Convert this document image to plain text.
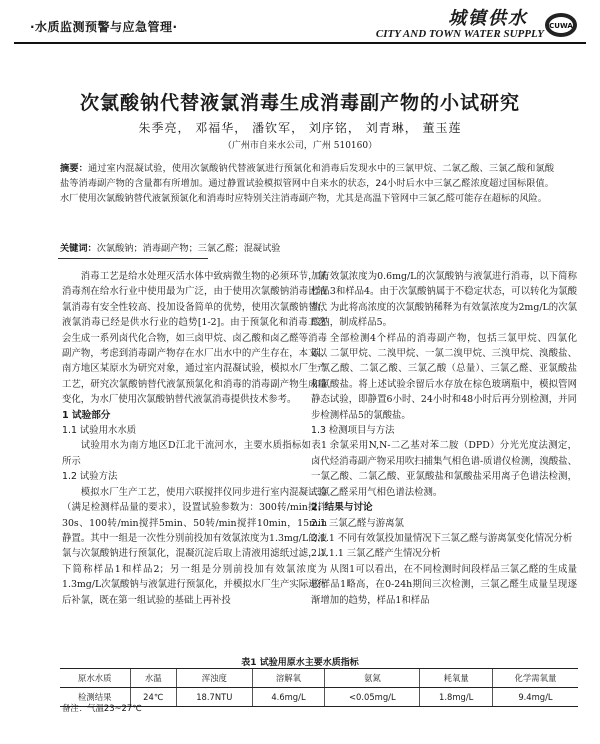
·水质监测预警与应急管理·	城镇供水
CITY AND TOWN WATER SUPPLY
CUWA
次氯酸钠代替液氯消毒生成消毒副产物的小试研究
朱季亮， 邓福华， 潘钦军， 刘序铭， 刘青琳， 董玉莲
（广州市自来水公司，广州 510160）
摘要：通过室内混凝试验，使用次氯酸钠代替液氯进行预氯化和消毒后发现水中的三氯甲烷、二氯乙酸、三氯乙酸和氯酸盐等消毒副产物的含量都有所增加。通过静置试验模拟管网中自来水的状态，24小时后水中三氯乙醛浓度超过国标限值。水厂使用次氯酸钠替代液氯预氯化和消毒时应特别关注消毒副产物，尤其是高温下管网中三氯乙醛可能存在超标的风险。
关键词：次氯酸钠；消毒副产物；三氯乙醛；混凝试验

消毒工艺是给水处理灭活水体中致病微生物的必须环节，氯消毒剂在给水行业中使用最为广泛，由于使用次氯酸钠消毒比液氯消毒有安全性较高、投加设备简单的优势，使用次氯酸钠替代液氯消毒已经是供水行业的趋势[1-2]。由于预氯化和消毒工艺会生成一系列卤代化合物，如三卤甲烷、卤乙酸和卤乙醛等消毒副产物，考虑到消毒副产物存在水厂出水中的产生存在，本文以南方地区某原水为研究对象，通过室内混凝试验，模拟水厂生产工艺，研究次氯酸钠替代液氯预氯化和消毒的消毒副产物生成量变化，为水厂使用次氯酸钠替代液氯消毒提供技术参考。

1 试验部分

1.1 试验用水水质

试验用水为南方地区D江北干流河水，主要水质指标如表1所示

1.2 试验方法

模拟水厂生产工艺，使用六联搅拌仪同步进行室内混凝试验（满足检测样品量的要求），设置试验参数为：300转/min搅拌30s、100转/min搅拌5min、50转/min搅拌10min，15min静置。其中一组是一次性分别前投加有效氯浓度为1.3mg/L的液氯与次氯酸钠进行预氯化，混凝沉淀后取上清液用滤纸过滤，以下简称样品1和样品2；另一组是分别前投加有效氯浓度为1.3mg/L次氯酸钠与液氯进行预氯化，并模拟水厂生产实际进行后补氯，既在第一组试验的基础上再补投

加有效氯浓度为0.6mg/L的次氯酸钠与液氯进行消毒，以下简称样品3和样品4。由于次氯酸钠属于不稳定状态，可以转化为氯酸盐，为此将高浓度的次氯酸钠稀释为有效氯浓度为2mg/L的次氯酸钠，制成样品5。

全部检测4个样品的消毒副产物，包括三氯甲烷、四氯化碳、二氯甲烷、二溴甲烷、一氯二溴甲烷、三溴甲烷、溴酸盐、一氯乙酸、二氯乙酸、三氯乙酸（总量）、三氯乙醛、亚氯酸盐和氯酸盐。将上述试验余留后水存放在棕色玻璃瓶中，模拟管网静态试验，即静置6小时、24小时和48小时后再分别检测，并同步检测样品5的氯酸盐。

1.3 检测项目与方法

余氯采用N,N-二乙基对苯二胺（DPD）分光光度法测定，卤代烃消毒副产物采用吹扫捕集气相色谱-质谱仪检测，溴酸盐、一氯乙酸、二氯乙酸、亚氯酸盐和氯酸盐采用离子色谱法检测，三氯乙醛采用气相色谱法检测。

2. 结果与讨论

2.1 三氯乙醛与游离氯

2.1.1 不同有效氯投加量情况下三氯乙醛与游离氯变化情况分析

2.1.1.1 三氯乙醛产生情况分析

从图1可以看出，在不同检测时间段样品三氯乙醛的生成量较样品1略高，在0-24h期间三次检测，三氯乙醛生成量呈现逐渐增加的趋势，样品1和样品

表1 试验用原水主要水质指标
原水水质	水温	浑浊度	溶解氧	氨氮	耗氧量	化学需氧量
检测结果	24℃	18.7NTU	4.6mg/L	<0.05mg/L	1.8mg/L	9.4mg/L
备注：气温23~27℃
